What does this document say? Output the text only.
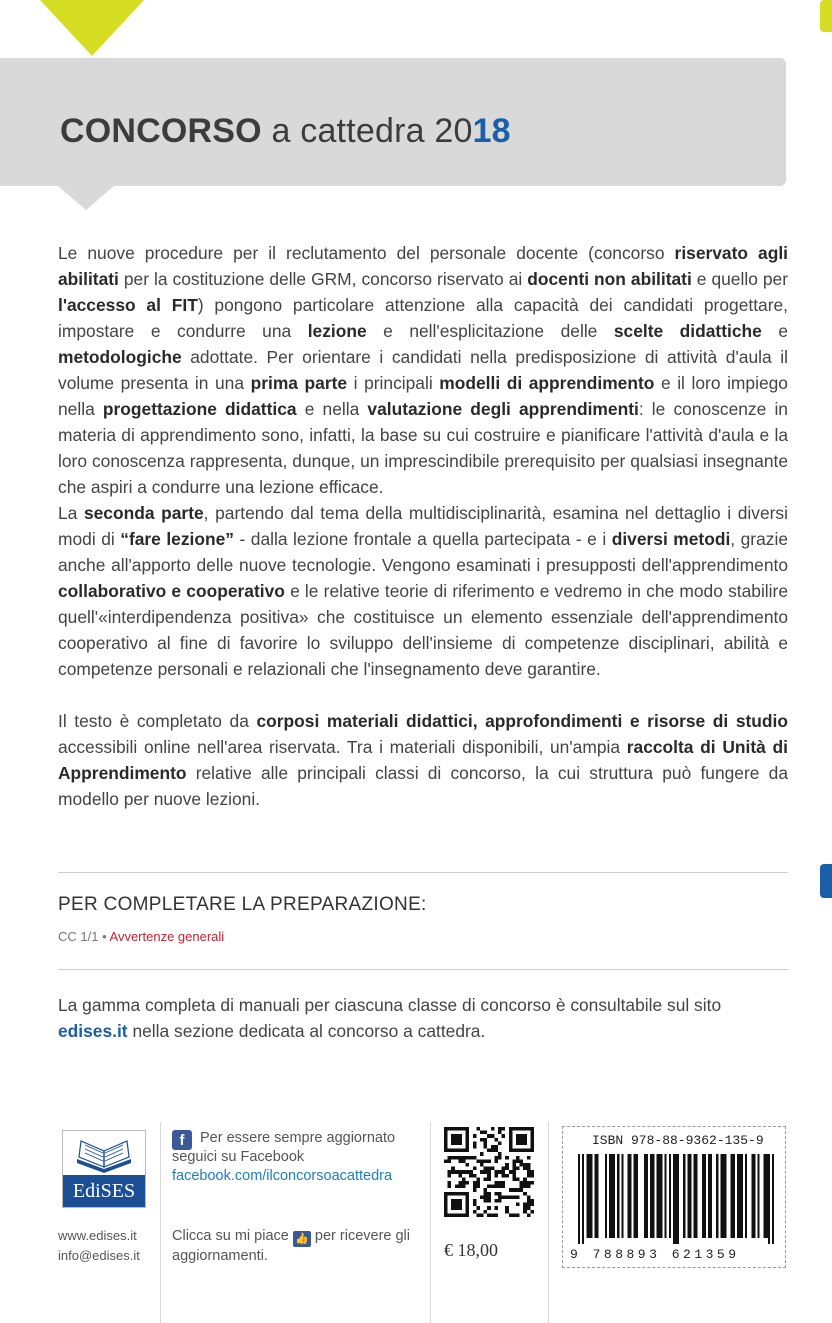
CONCORSO a cattedra 2018

Le nuove procedure per il reclutamento del personale docente (concorso riservato agli abilitati per la costituzione delle GRM, concorso riservato ai docenti non abilitati e quello per l'accesso al FIT) pongono particolare attenzione alla capacità dei candidati progettare, impostare e condurre una lezione e nell'esplicitazione delle scelte didattiche e metodologiche adottate. Per orientare i candidati nella predisposizione di attività d'aula il volume presenta in una prima parte i principali modelli di apprendimento e il loro impiego nella progettazione didattica e nella valutazione degli apprendimenti: le conoscenze in materia di apprendimento sono, infatti, la base su cui costruire e pianificare l'attività d'aula e la loro conoscenza rappresenta, dunque, un imprescindibile prerequisito per qualsiasi insegnante che aspiri a condurre una lezione efficace.

La seconda parte, partendo dal tema della multidisciplinarità, esamina nel dettaglio i diversi modi di “fare lezione” - dalla lezione frontale a quella partecipata - e i diversi metodi, grazie anche all'apporto delle nuove tecnologie. Vengono esaminati i presupposti dell'apprendimento collaborativo e cooperativo e le relative teorie di riferimento e vedremo in che modo stabilire quell'«interdipendenza positiva» che costituisce un elemento essenziale dell'apprendimento cooperativo al fine di favorire lo sviluppo dell'insieme di competenze disciplinari, abilità e competenze personali e relazionali che l'insegnamento deve garantire.

Il testo è completato da corposi materiali didattici, approfondimenti e risorse di studio accessibili online nell'area riservata. Tra i materiali disponibili, un'ampia raccolta di Unità di Apprendimento relative alle principali classi di concorso, la cui struttura può fungere da modello per nuove lezioni.

PER COMPLETARE LA PREPARAZIONE:
CC 1/1 • Avvertenze generali
La gamma completa di manuali per ciascuna classe di concorso è consultabile sul sito edises.it nella sezione dedicata al concorso a cattedra.
EdiSES
www.edises.it
info@edises.it
f	Per essere sempre aggiornato
seguici su Facebook
facebook.com/ilconcorsoacattedra
Clicca su mi piace 👍 per ricevere gli aggiornamenti.	€ 18,00
ISBN 978-88-9362-135-9
9 788893 621359
